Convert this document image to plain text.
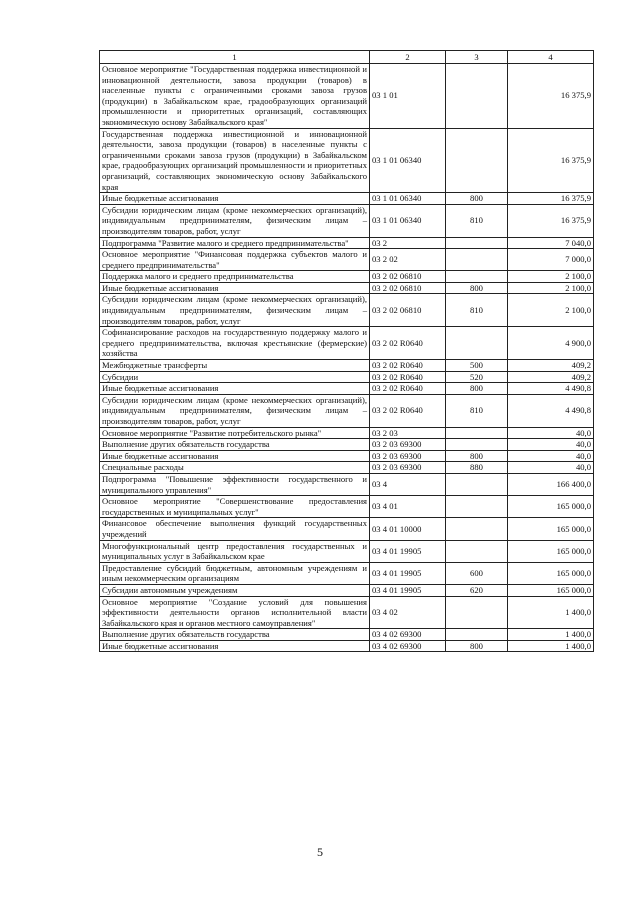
1	2	3	4
Основное мероприятие "Государственная поддержка инвестиционной и инновационной деятельности, завоза продукции (товаров) в населенные пункты с ограниченными сроками завоза грузов (продукции) в Забайкальском крае, градообразующих организаций промышленности и приоритетных организаций, составляющих экономическую основу Забайкальского края"	03 1 01		16 375,9
Государственная поддержка инвестиционной и инновационной деятельности, завоза продукции (товаров) в населенные пункты с ограниченными сроками завоза грузов (продукции) в Забайкальском крае, градообразующих организаций промышленности и приоритетных организаций, составляющих экономическую основу Забайкальского края	03 1 01 06340		16 375,9
Иные бюджетные ассигнования	03 1 01 06340	800	16 375,9
Субсидии юридическим лицам (кроме некоммерческих организаций), индивидуальным предпринимателям, физическим лицам – производителям товаров, работ, услуг	03 1 01 06340	810	16 375,9
Подпрограмма "Развитие малого и среднего предпринимательства"	03 2		7 040,0
Основное мероприятие "Финансовая поддержка субъектов малого и среднего предпринимательства"	03 2 02		7 000,0
Поддержка малого и среднего предпринимательства	03 2 02 06810		2 100,0
Иные бюджетные ассигнования	03 2 02 06810	800	2 100,0
Субсидии юридическим лицам (кроме некоммерческих организаций), индивидуальным предпринимателям, физическим лицам – производителям товаров, работ, услуг	03 2 02 06810	810	2 100,0
Софинансирование расходов на государственную поддержку малого и среднего предпринимательства, включая крестьянские (фермерские) хозяйства	03 2 02 R0640		4 900,0
Межбюджетные трансферты	03 2 02 R0640	500	409,2
Субсидии	03 2 02 R0640	520	409,2
Иные бюджетные ассигнования	03 2 02 R0640	800	4 490,8
Субсидии юридическим лицам (кроме некоммерческих организаций), индивидуальным предпринимателям, физическим лицам – производителям товаров, работ, услуг	03 2 02 R0640	810	4 490,8
Основное мероприятие "Развитие потребительского рынка"	03 2 03		40,0
Выполнение других обязательств государства	03 2 03 69300		40,0
Иные бюджетные ассигнования	03 2 03 69300	800	40,0
Специальные расходы	03 2 03 69300	880	40,0
Подпрограмма "Повышение эффективности государственного и муниципального управления"	03 4		166 400,0
Основное мероприятие "Совершенствование предоставления государственных и муниципальных услуг"	03 4 01		165 000,0
Финансовое обеспечение выполнения функций государственных учреждений	03 4 01 10000		165 000,0
Многофункциональный центр предоставления государственных и муниципальных услуг в Забайкальском крае	03 4 01 19905		165 000,0
Предоставление субсидий бюджетным, автономным учреждениям и иным некоммерческим организациям	03 4 01 19905	600	165 000,0
Субсидии автономным учреждениям	03 4 01 19905	620	165 000,0
Основное мероприятие "Создание условий для повышения эффективности деятельности органов исполнительной власти Забайкальского края и органов местного самоуправления"	03 4 02		1 400,0
Выполнение других обязательств государства	03 4 02 69300		1 400,0
Иные бюджетные ассигнования	03 4 02 69300	800	1 400,0
5
